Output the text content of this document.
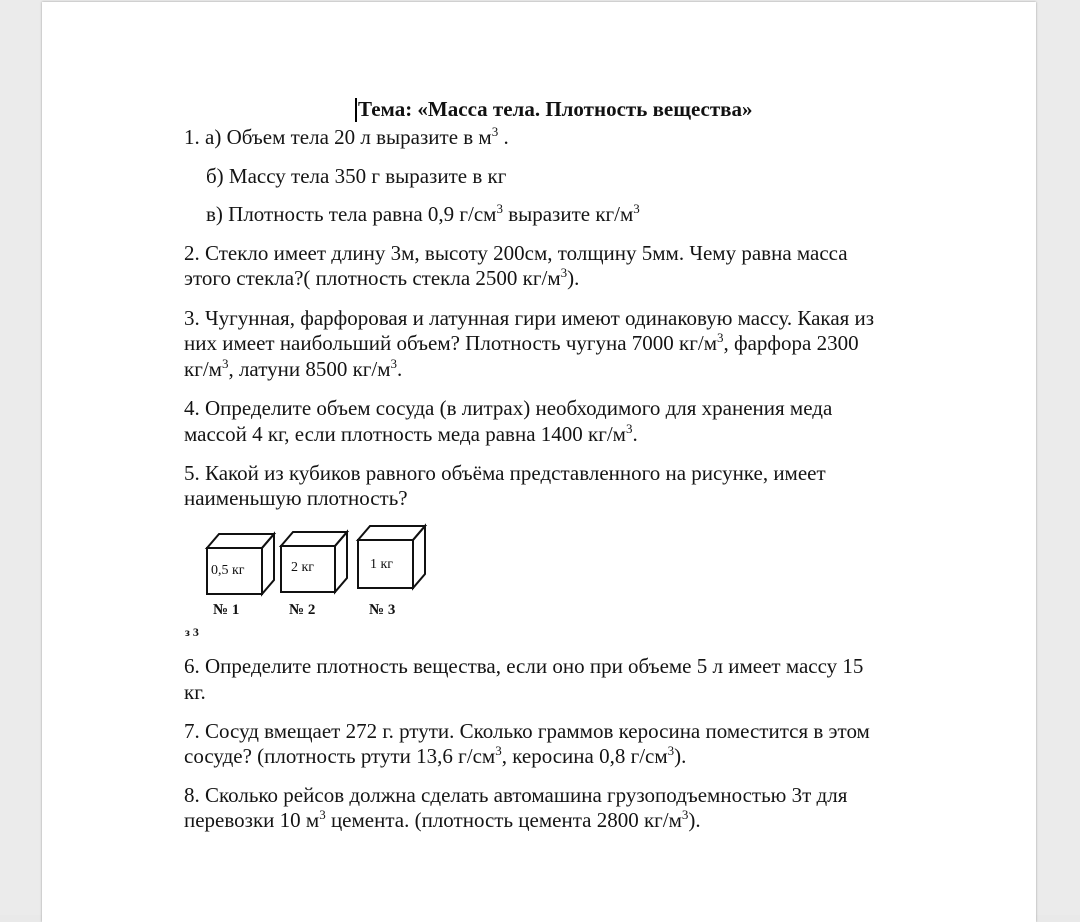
Тема: «Масса тела. Плотность вещества»
1. а) Объем тела 20 л выразите в $м^3$ .
б) Массу тела 350 г выразите в кг
в) Плотность тела равна 0,9 $г/см^3$ выразите $кг/м^3$
2. Стекло имеет длину 3м, высоту 200см, толщину 5мм. Чему равна масса
этого стекла?( плотность стекла 2500 $кг/м^3$).
3. Чугунная, фарфоровая и латунная гири имеют одинаковую массу. Какая из
них имеет наибольший объем? Плотность чугуна 7000 $кг/м^3$, фарфора 2300
$кг/м^3$, латуни 8500 $кг/м^3$.
4. Определите объем сосуда (в литрах) необходимого для хранения меда
массой 4 кг, если плотность меда равна 1400 $кг/м^3$.
5. Какой из кубиков равного объёма представленного на рисунке, имеет
наименьшую плотность?
0,5 кг
№ 1
2 кг
№ 2
1 кг
№ 3
з 3
6. Определите плотность вещества, если оно при объеме 5 л имеет массу 15
кг.
7. Сосуд вмещает 272 г. ртути. Сколько граммов керосина поместится в этом
сосуде? (плотность ртути 13,6 $г/см^3$, керосина 0,8 $г/см^3$).
8. Сколько рейсов должна сделать автомашина грузоподъемностью 3т для
перевозки 10 $м^3$ цемента. (плотность цемента 2800 $кг/м^3$).
